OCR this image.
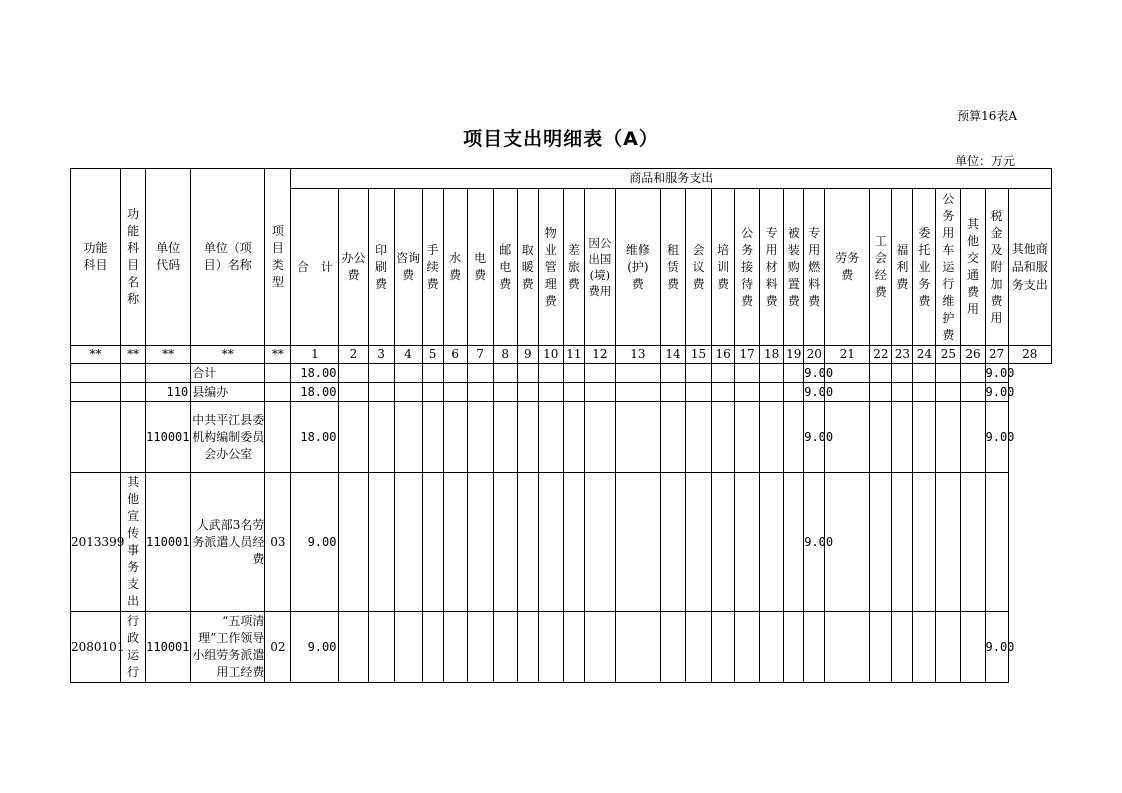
预算16表A
项目支出明细表（A）
单位：万元
功能科目	功能科目名称	单位代码	单位（项目）名称	项目类型	商品和服务支出																											
					合　计	办公费	印刷费	咨询费	手续费	水费	电费	邮电费	取暖费	物业管理费	差旅费	因公出国(境)费用	维修(护)费	租赁费	会议费	培训费	公务接待费	专用材料费	被装购置费	专用燃料费	劳务费	工会经费	福利费	委托业务费	公务用车运行维护费	其他交通费用	税金及附加费用	其他商品和服务支出
**	**	**	**	**	1	2	3	4	5	6	7	8	9	10	11	12	13	14	15	16	17	18	19	20	21	22	23	24	25	26	27	28
			合计		18.00																			9.00							9.00	
		110	县编办		18.00																			9.00							9.00	
		110001	中共平江县委机构编制委员会办公室		18.00																			9.00							9.00	
2013399	其他宣传事务支出	110001	人武部3名劳务派遣人员经费	03	9.00																			9.00								
2080101	行政运行	110001	“五项清理”工作领导小组劳务派遣用工经费	02	9.00																										9.00	
